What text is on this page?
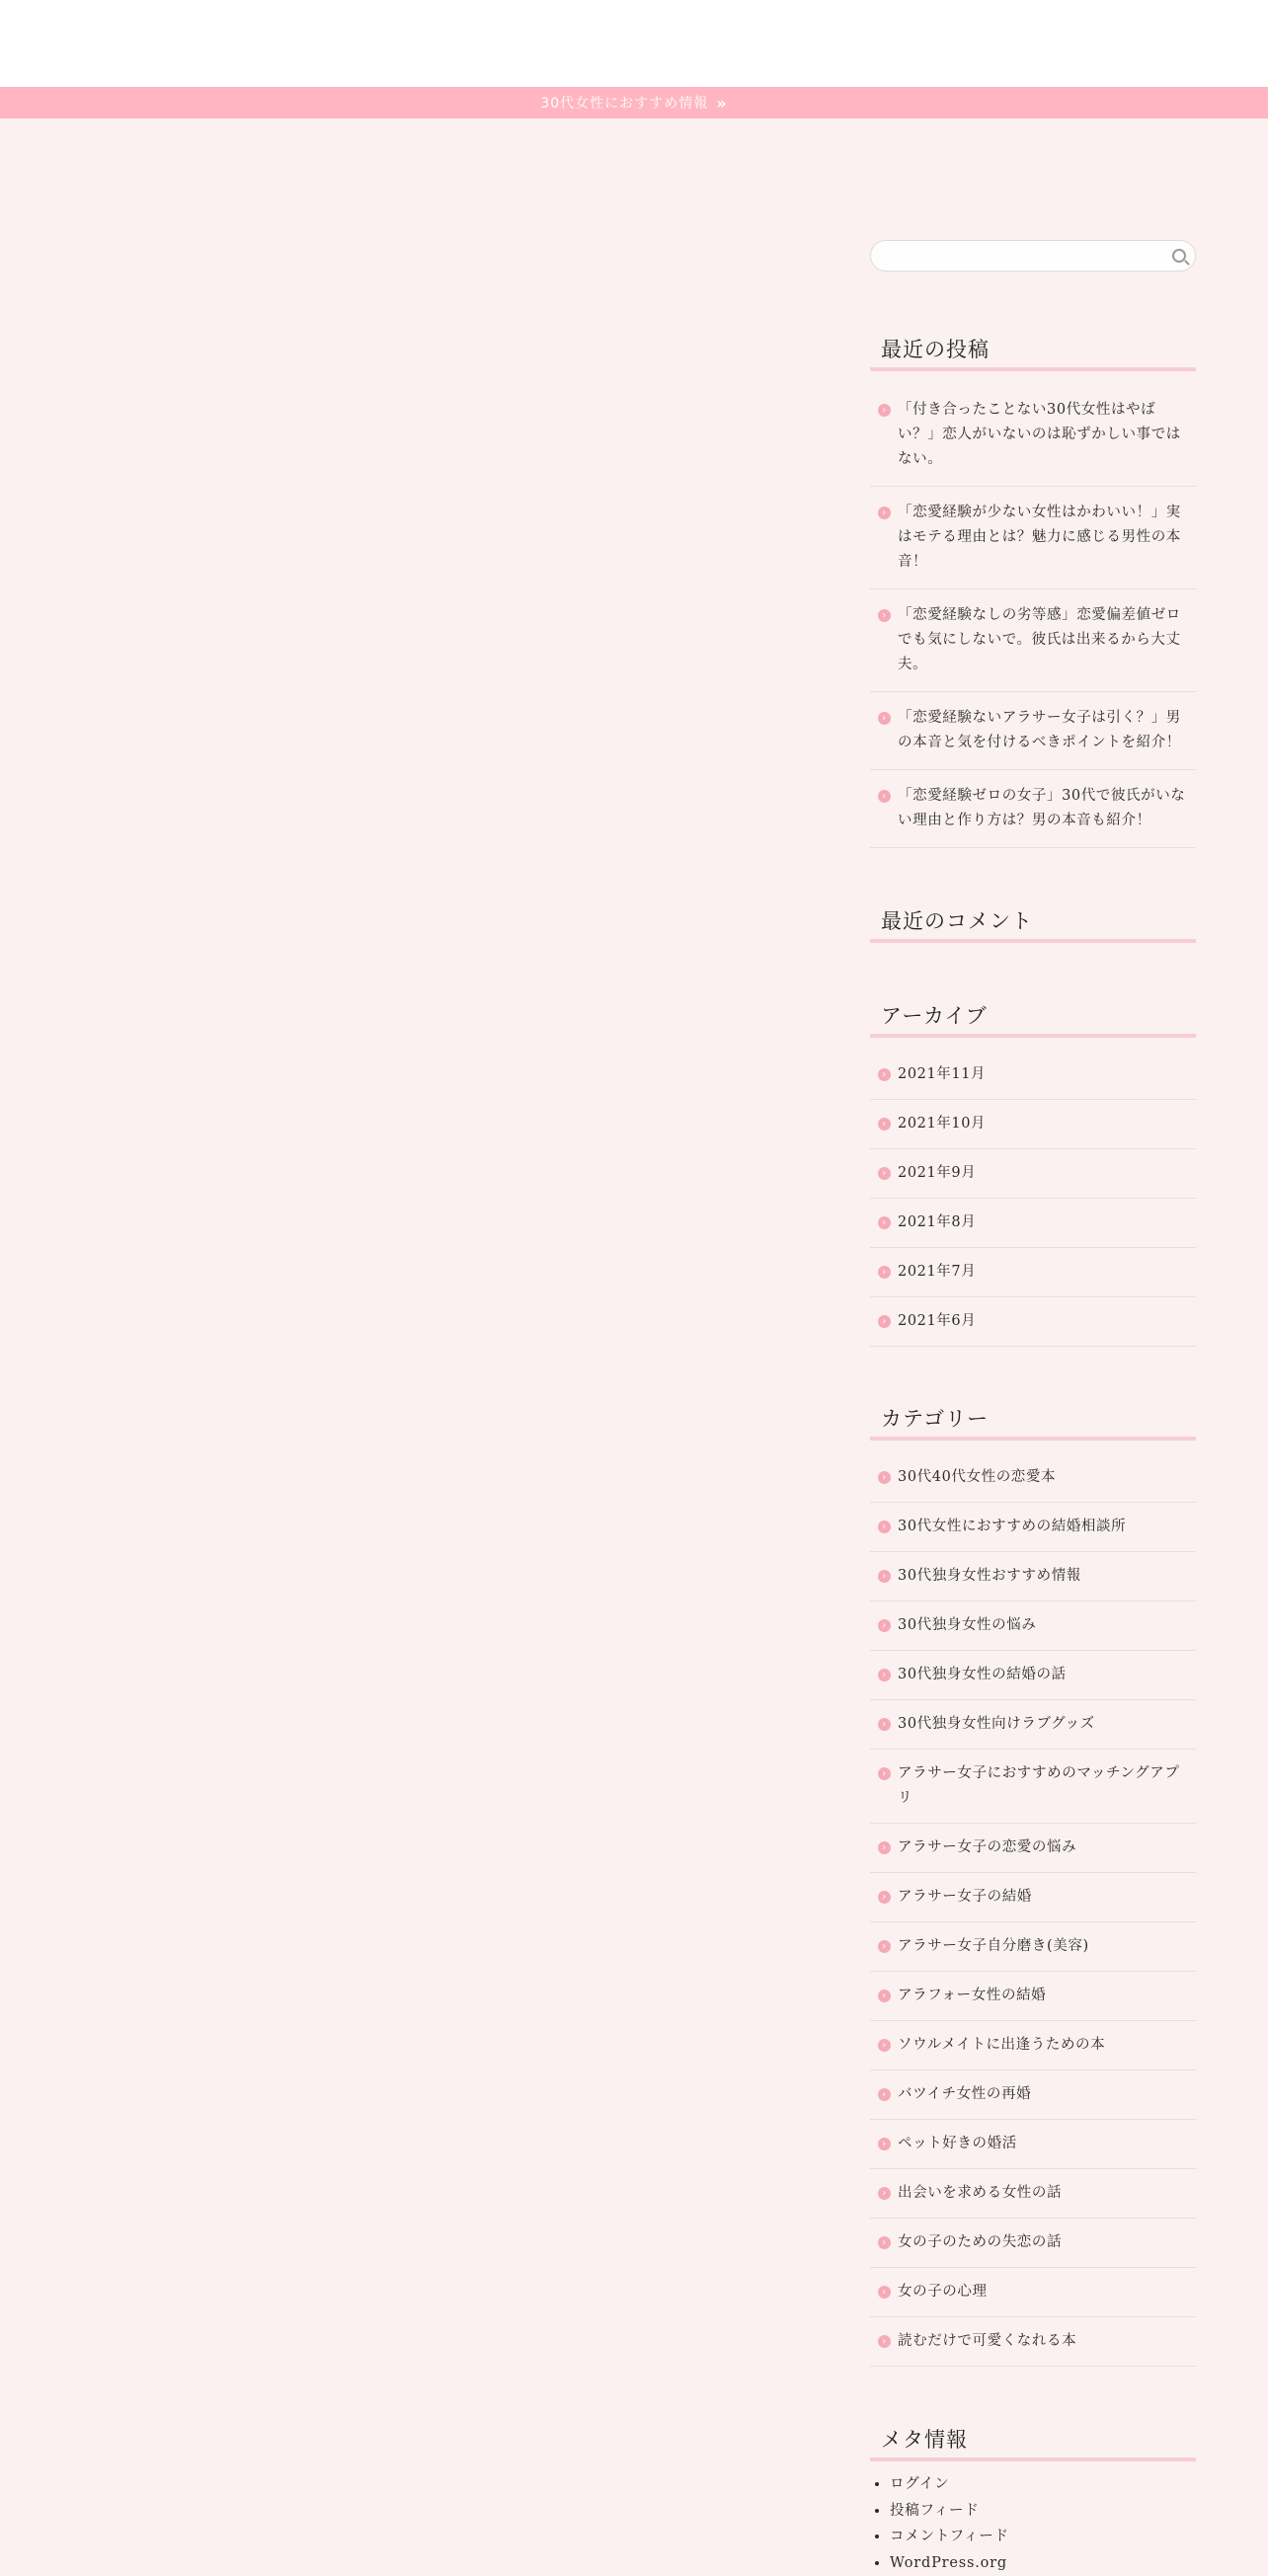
30代女性におすすめ情報 »
最近の投稿
› 「付き合ったことない30代女性はやばい？」恋人がいないのは恥ずかしい事ではない。
› 「恋愛経験が少ない女性はかわいい！」実はモテる理由とは？魅力に感じる男性の本音！
› 「恋愛経験なしの劣等感」恋愛偏差値ゼロでも気にしないで。彼氏は出来るから大丈夫。
› 「恋愛経験ないアラサー女子は引く？」男の本音と気を付けるべきポイントを紹介！
› 「恋愛経験ゼロの女子」30代で彼氏がいない理由と作り方は？男の本音も紹介！
最近のコメント
アーカイブ
› 2021年11月
› 2021年10月
› 2021年9月
› 2021年8月
› 2021年7月
› 2021年6月
カテゴリー
› 30代40代女性の恋愛本
› 30代女性におすすめの結婚相談所
› 30代独身女性おすすめ情報
› 30代独身女性の悩み
› 30代独身女性の結婚の話
› 30代独身女性向けラブグッズ
› アラサー女子におすすめのマッチングアプリ
› アラサー女子の恋愛の悩み
› アラサー女子の結婚
› アラサー女子自分磨き(美容)
› アラフォー女性の結婚
› ソウルメイトに出逢うための本
› バツイチ女性の再婚
› ペット好きの婚活
› 出会いを求める女性の話
› 女の子のための失恋の話
› 女の子の心理
› 読むだけで可愛くなれる本
メタ情報
• ログイン
• 投稿フィード
• コメントフィード
• WordPress.org
